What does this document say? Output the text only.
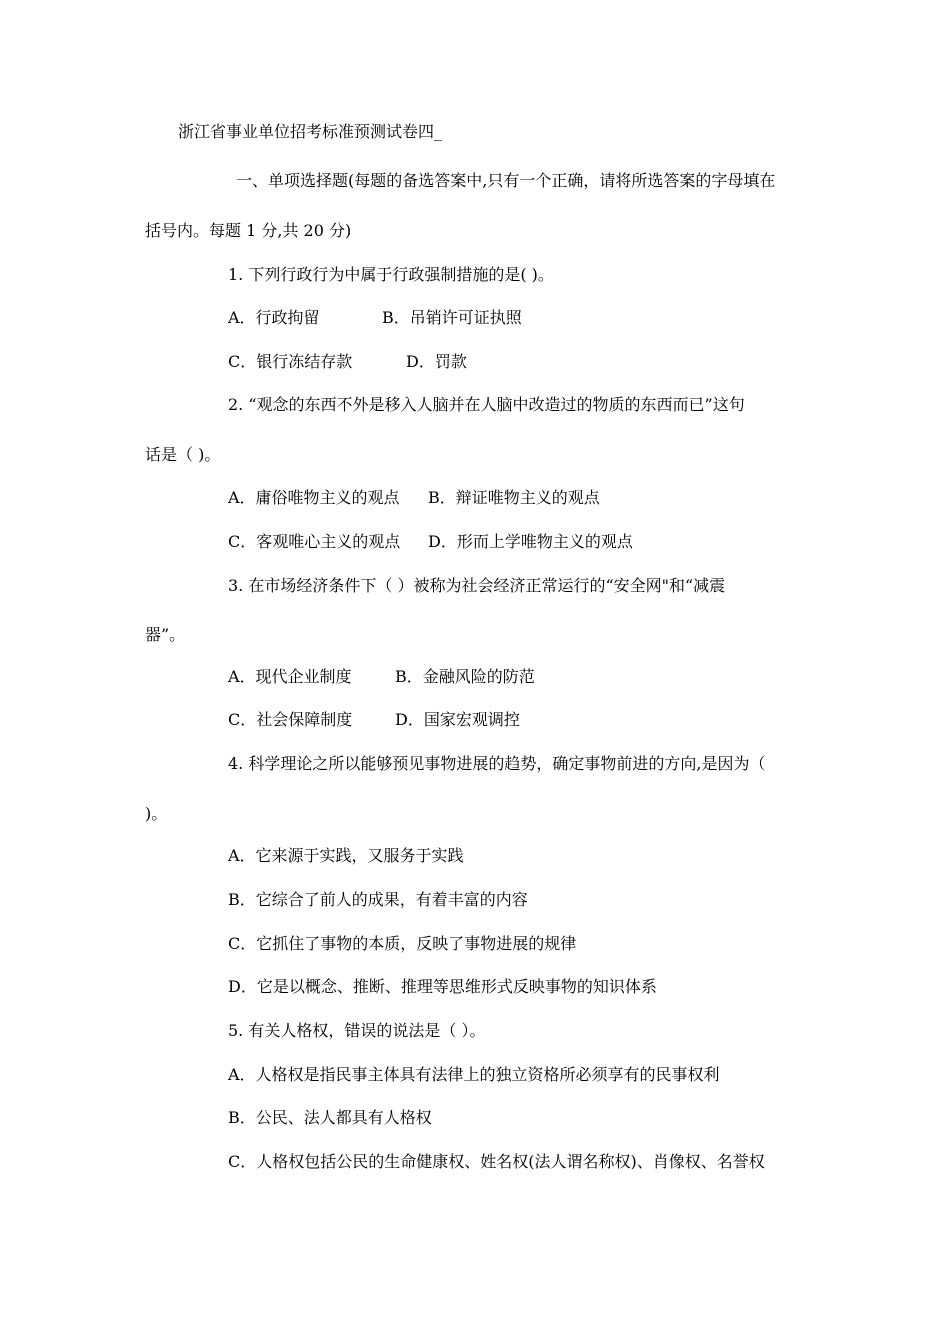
浙江省事业单位招考标准预测试卷四_
一、单项选择题(每题的备选答案中,只有一个正确，请将所选答案的字母填在
括号内。每题 1 分,共 20 分)
1. 下列行政行为中属于行政强制措施的是( )。
A．行政拘留	B．吊销许可证执照
C．银行冻结存款	D．罚款
2. “观念的东西不外是移入人脑并在人脑中改造过的物质的东西而已”这句
话是（ )。
A．庸俗唯物主义的观点 B．辩证唯物主义的观点
C．客观唯心主义的观点 D．形而上学唯物主义的观点
3. 在市场经济条件下（ ）被称为社会经济正常运行的“安全网"和“减震
器”。
A．现代企业制度	B．金融风险的防范
C．社会保障制度	D．国家宏观调控
4. 科学理论之所以能够预见事物进展的趋势，确定事物前进的方向,是因为（
)。
A．它来源于实践，又服务于实践
B．它综合了前人的成果，有着丰富的内容
C．它抓住了事物的本质，反映了事物进展的规律
D．它是以概念、推断、推理等思维形式反映事物的知识体系
5. 有关人格权，错误的说法是（ ）。
A．人格权是指民事主体具有法律上的独立资格所必须享有的民事权利
B．公民、法人都具有人格权
C．人格权包括公民的生命健康权、姓名权(法人谓名称权)、肖像权、名誉权
